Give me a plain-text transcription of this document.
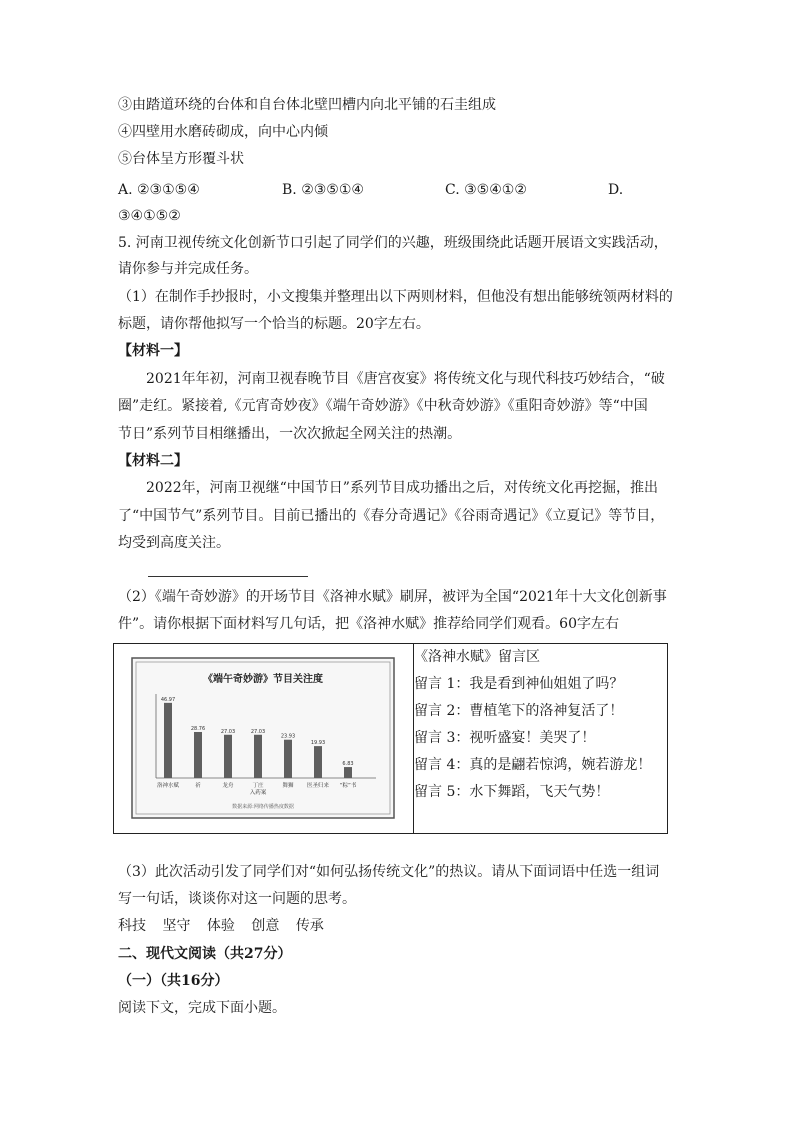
③由踏道环绕的台体和自台体北壁凹槽内向北平铺的石圭组成
④四壁用水磨砖砌成，向中心内倾
⑤台体呈方形覆斗状
A. ②③①⑤④	B. ②③⑤①④	C. ③⑤④①②	D.
③④①⑤②
5. 河南卫视传统文化创新节口引起了同学们的兴趣，班级围绕此话题开展语文实践活动，
请你参与并完成任务。
（1）在制作手抄报时，小文搜集并整理出以下两则材料，但他没有想出能够统领两材料的
标题，请你帮他拟写一个恰当的标题。20字左右。
【材料一】
2021年年初，河南卫视春晚节目《唐宫夜宴》将传统文化与现代科技巧妙结合，“破
圈”走红。紧接着,《元宵奇妙夜》《端午奇妙游》《中秋奇妙游》《重阳奇妙游》等“中国
节日”系列节目相继播出，一次次掀起全网关注的热潮。
【材料二】
2022年，河南卫视继“中国节日”系列节目成功播出之后，对传统文化再挖掘，推出
了“中国节气”系列节目。目前已播出的《春分奇遇记》《谷雨奇遇记》《立夏记》等节目，
均受到高度关注。
（2）《端午奇妙游》的开场节目《洛神水赋》刷屏，被评为全国“2021年十大文化创新事
件”。请你根据下面材料写几句话，把《洛神水赋》推荐给同学们观看。60字左右
《端午奇妙游》节目关注度
46.97
洛神水赋
28.76
祈
27.03
龙舟
27.03
丁庄
入药案
23.93
舞狮
19.93
医圣归来
6.83
“粽”书
数据来源:网络传播热度数据

《洛神水赋》留言区
留言 1：我是看到神仙姐姐了吗？
留言 2：曹植笔下的洛神复活了！
留言 3：视听盛宴！美哭了！
留言 4：真的是翩若惊鸿，婉若游龙！
留言 5：水下舞蹈，飞天气势！
（3）此次活动引发了同学们对“如何弘扬传统文化”的热议。请从下面词语中任选一组词
写一句话，谈谈你对这一问题的思考。
科技 坚守 体验 创意 传承
二、现代文阅读（共27分）
（一）（共16分）
阅读下文，完成下面小题。
